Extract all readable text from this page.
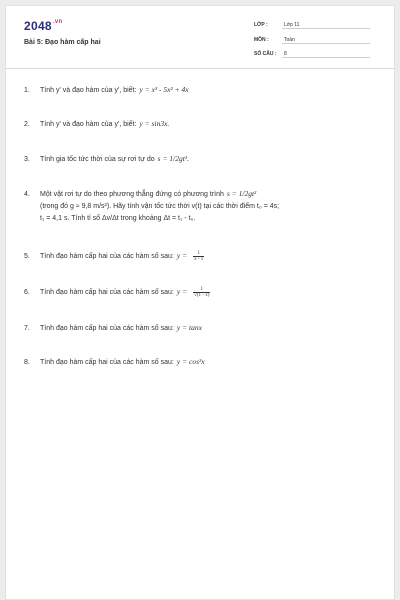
$2048^{.vn}$
Bài 5: Đạo hàm cấp hai
LỚP :	Lớp 11
MÔN :	Toán
SỐ CÂU : 8
1. Tính y' và đạo hàm của y', biết: y = x³ - 5x² + 4x
2. Tính y' và đạo hàm của y', biết: y = sin3x.
3. Tính gia tốc tức thời của sự rơi tự do s = 1/2gt².
4. Một vật rơi tự do theo phương thẳng đứng có phương trình s = 1/2gt²
(trong đó g ≈ 9,8 m/s²). Hãy tính vận tốc tức thời v(t) tại các thời điểm t₀ = 4s;
t₁ = 4,1 s. Tính tỉ số Δv/Δt trong khoảng Δt = t₁ - t₀.
5. Tính đạo hàm cấp hai của các hàm số sau: $y = \frac{1}{x - 1}$
6. Tính đạo hàm cấp hai của các hàm số sau: $y = \frac{1}{√(1 - x)}$
7. Tính đạo hàm cấp hai của các hàm số sau: y = tanx
8. Tính đạo hàm cấp hai của các hàm số sau: y = cos²x
